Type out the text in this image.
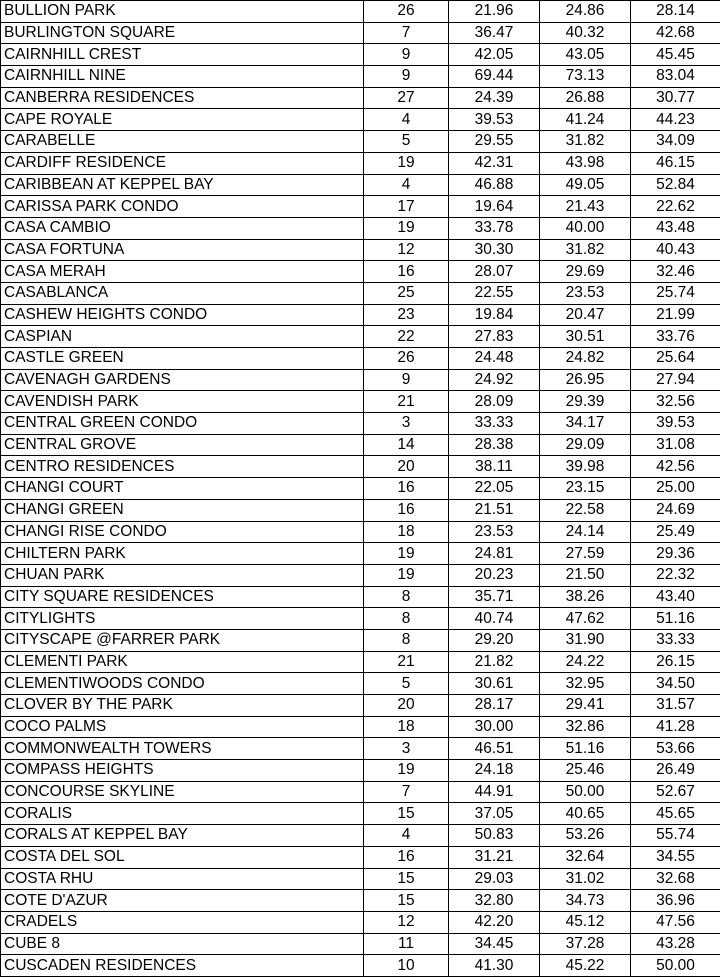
BULLION PARK	26	21.96	24.86	28.14
BURLINGTON SQUARE	7	36.47	40.32	42.68
CAIRNHILL CREST	9	42.05	43.05	45.45
CAIRNHILL NINE	9	69.44	73.13	83.04
CANBERRA RESIDENCES	27	24.39	26.88	30.77
CAPE ROYALE	4	39.53	41.24	44.23
CARABELLE	5	29.55	31.82	34.09
CARDIFF RESIDENCE	19	42.31	43.98	46.15
CARIBBEAN AT KEPPEL BAY	4	46.88	49.05	52.84
CARISSA PARK CONDO	17	19.64	21.43	22.62
CASA CAMBIO	19	33.78	40.00	43.48
CASA FORTUNA	12	30.30	31.82	40.43
CASA MERAH	16	28.07	29.69	32.46
CASABLANCA	25	22.55	23.53	25.74
CASHEW HEIGHTS CONDO	23	19.84	20.47	21.99
CASPIAN	22	27.83	30.51	33.76
CASTLE GREEN	26	24.48	24.82	25.64
CAVENAGH GARDENS	9	24.92	26.95	27.94
CAVENDISH PARK	21	28.09	29.39	32.56
CENTRAL GREEN CONDO	3	33.33	34.17	39.53
CENTRAL GROVE	14	28.38	29.09	31.08
CENTRO RESIDENCES	20	38.11	39.98	42.56
CHANGI COURT	16	22.05	23.15	25.00
CHANGI GREEN	16	21.51	22.58	24.69
CHANGI RISE CONDO	18	23.53	24.14	25.49
CHILTERN PARK	19	24.81	27.59	29.36
CHUAN PARK	19	20.23	21.50	22.32
CITY SQUARE RESIDENCES	8	35.71	38.26	43.40
CITYLIGHTS	8	40.74	47.62	51.16
CITYSCAPE @FARRER PARK	8	29.20	31.90	33.33
CLEMENTI PARK	21	21.82	24.22	26.15
CLEMENTIWOODS CONDO	5	30.61	32.95	34.50
CLOVER BY THE PARK	20	28.17	29.41	31.57
COCO PALMS	18	30.00	32.86	41.28
COMMONWEALTH TOWERS	3	46.51	51.16	53.66
COMPASS HEIGHTS	19	24.18	25.46	26.49
CONCOURSE SKYLINE	7	44.91	50.00	52.67
CORALIS	15	37.05	40.65	45.65
CORALS AT KEPPEL BAY	4	50.83	53.26	55.74
COSTA DEL SOL	16	31.21	32.64	34.55
COSTA RHU	15	29.03	31.02	32.68
COTE D'AZUR	15	32.80	34.73	36.96
CRADELS	12	42.20	45.12	47.56
CUBE 8	11	34.45	37.28	43.28
CUSCADEN RESIDENCES	10	41.30	45.22	50.00
